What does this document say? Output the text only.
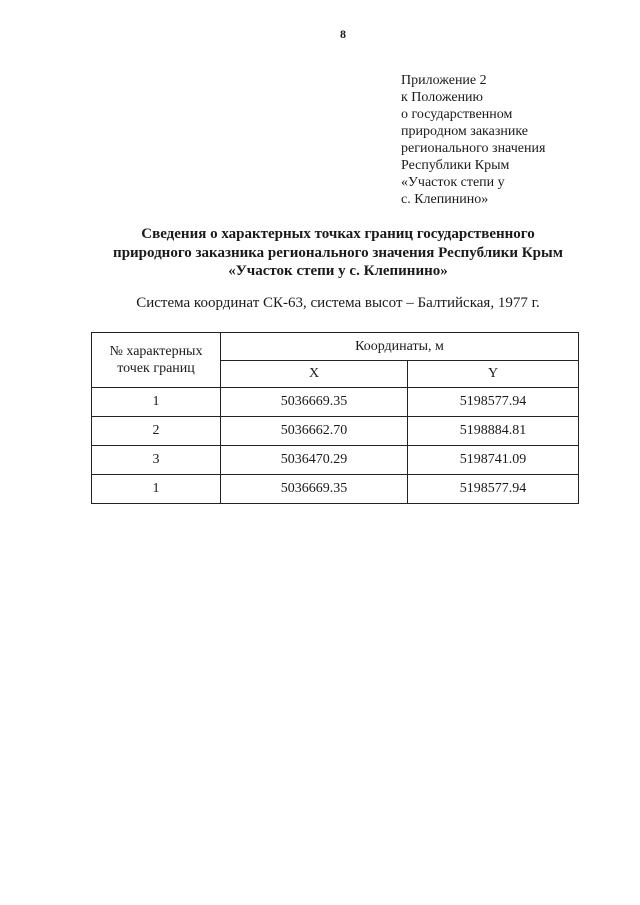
8
Приложение 2
к Положению
о государственном
природном заказнике
регионального значения
Республики Крым
«Участок степи у
с. Клепинино»
Сведения о характерных точках границ государственного
природного заказника регионального значения Республики Крым
«Участок степи у с. Клепинино»
Система координат СК-63, система высот – Балтийская, 1977 г.
№ характерных точек границ	Координаты, м	
	X	Y
1	5036669.35	5198577.94
2	5036662.70	5198884.81
3	5036470.29	5198741.09
1	5036669.35	5198577.94
